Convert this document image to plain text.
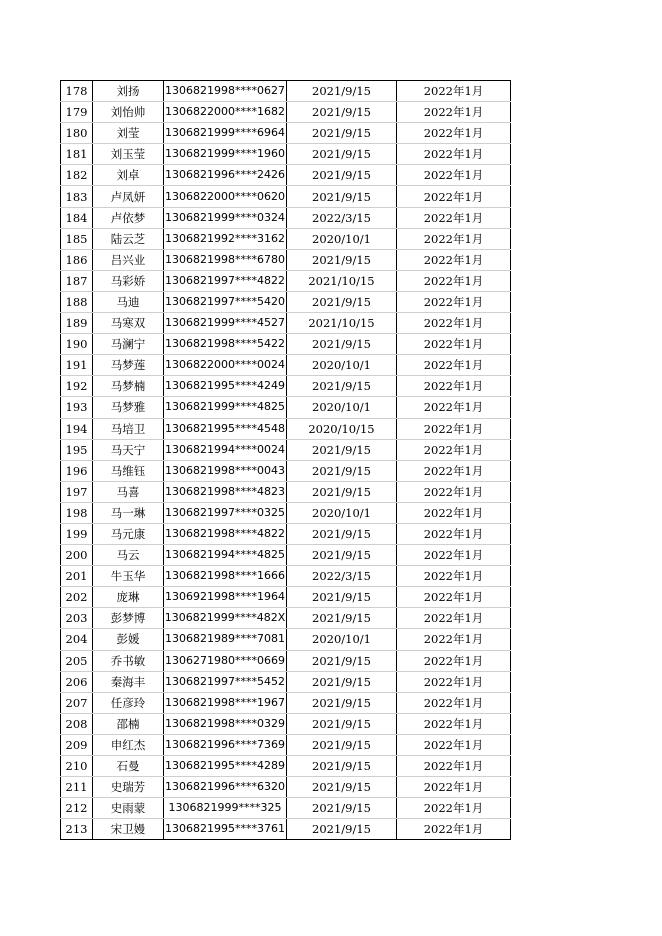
178	刘扬	1306821998****0627	2021/9/15	2022年1月
179	刘怡帅	1306822000****1682	2021/9/15	2022年1月
180	刘莹	1306821999****6964	2021/9/15	2022年1月
181	刘玉莹	1306821999****1960	2021/9/15	2022年1月
182	刘卓	1306821996****2426	2021/9/15	2022年1月
183	卢凤妍	1306822000****0620	2021/9/15	2022年1月
184	卢依梦	1306821999****0324	2022/3/15	2022年1月
185	陆云芝	1306821992****3162	2020/10/1	2022年1月
186	吕兴业	1306821998****6780	2021/9/15	2022年1月
187	马彩娇	1306821997****4822	2021/10/15	2022年1月
188	马迪	1306821997****5420	2021/9/15	2022年1月
189	马寒双	1306821999****4527	2021/10/15	2022年1月
190	马澜宁	1306821998****5422	2021/9/15	2022年1月
191	马梦莲	1306822000****0024	2020/10/1	2022年1月
192	马梦楠	1306821995****4249	2021/9/15	2022年1月
193	马梦雅	1306821999****4825	2020/10/1	2022年1月
194	马培卫	1306821995****4548	2020/10/15	2022年1月
195	马天宁	1306821994****0024	2021/9/15	2022年1月
196	马维钰	1306821998****0043	2021/9/15	2022年1月
197	马喜	1306821998****4823	2021/9/15	2022年1月
198	马一琳	1306821997****0325	2020/10/1	2022年1月
199	马元康	1306821998****4822	2021/9/15	2022年1月
200	马云	1306821994****4825	2021/9/15	2022年1月
201	牛玉华	1306821998****1666	2022/3/15	2022年1月
202	庞琳	1306921998****1964	2021/9/15	2022年1月
203	彭梦博	1306821999****482X	2021/9/15	2022年1月
204	彭媛	1306821989****7081	2020/10/1	2022年1月
205	乔书敏	1306271980****0669	2021/9/15	2022年1月
206	秦海丰	1306821997****5452	2021/9/15	2022年1月
207	任彦玲	1306821998****1967	2021/9/15	2022年1月
208	邵楠	1306821998****0329	2021/9/15	2022年1月
209	申红杰	1306821996****7369	2021/9/15	2022年1月
210	石曼	1306821995****4289	2021/9/15	2022年1月
211	史瑞芳	1306821996****6320	2021/9/15	2022年1月
212	史雨蒙	1306821999****325	2021/9/15	2022年1月
213	宋卫嫚	1306821995****3761	2021/9/15	2022年1月
